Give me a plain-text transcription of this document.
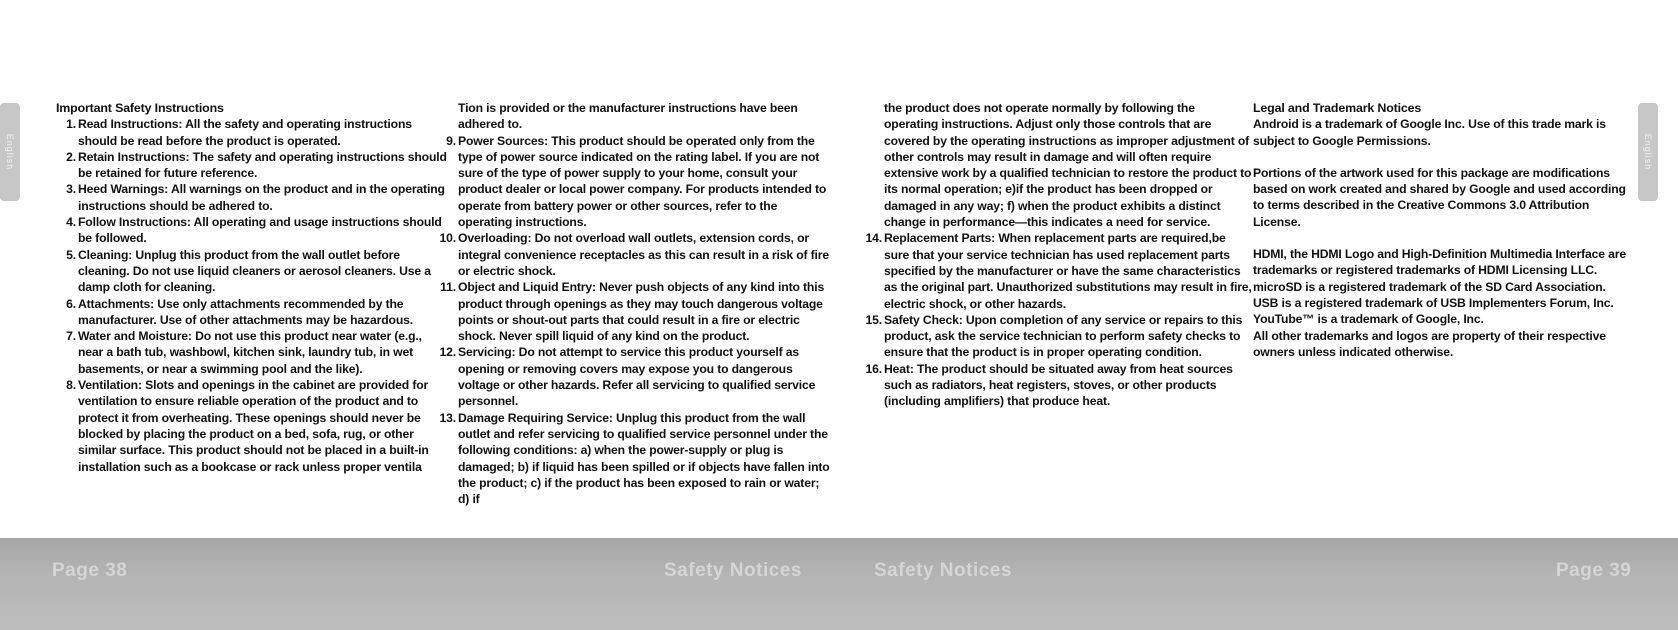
English	English
Important Safety Instructions
1. Read Instructions: All the safety and operating instructions should be read before the product is operated.
2. Retain Instructions: The safety and operating instructions should be retained for future reference.
3. Heed Warnings: All warnings on the product and in the operating instructions should be adhered to.
4. Follow Instructions: All operating and usage instructions should be followed.
5. Cleaning: Unplug this product from the wall outlet before cleaning. Do not use liquid cleaners or aerosol cleaners. Use a damp cloth for cleaning.
6. Attachments: Use only attachments recommended by the manufacturer. Use of other attachments may be hazardous.
7. Water and Moisture: Do not use this product near water (e.g., near a bath tub, washbowl, kitchen sink, laundry tub, in wet basements, or near a swimming pool and the like).
8. Ventilation: Slots and openings in the cabinet are provided for ventilation to ensure reliable operation of the product and to protect it from overheating. These openings should never be blocked by placing the product on a bed, sofa, rug, or other similar surface. This product should not be placed in a built-in installation such as a bookcase or rack unless proper ventila

Tion is provided or the manufacturer instructions have been adhered to.

9. Power Sources: This product should be operated only from the type of power source indicated on the rating label. If you are not sure of the type of power supply to your home, consult your product dealer or local power company. For products intended to operate from battery power or other sources, refer to the operating instructions.
10. Overloading: Do not overload wall outlets, extension cords, or integral convenience receptacles as this can result in a risk of fire or electric shock.
11. Object and Liquid Entry: Never push objects of any kind into this product through openings as they may touch dangerous voltage points or shout-out parts that could result in a fire or electric shock. Never spill liquid of any kind on the product.
12. Servicing: Do not attempt to service this product yourself as opening or removing covers may expose you to dangerous voltage or other hazards. Refer all servicing to qualified service personnel.
13. Damage Requiring Service: Unplug this product from the wall outlet and refer servicing to qualified service personnel under the following conditions: a) when the power-supply or plug is damaged; b) if liquid has been spilled or if objects have fallen into the product; c) if the product has been exposed to rain or water; d) if

the product does not operate normally by following the operating instructions. Adjust only those controls that are covered by the operating instructions as improper adjustment of other controls may result in damage and will often require extensive work by a qualified technician to restore the product to its normal operation; e)if the product has been dropped or damaged in any way; f) when the product exhibits a distinct change in performance—this indicates a need for service.

14. Replacement Parts: When replacement parts are required,be sure that your service technician has used replacement parts specified by the manufacturer or have the same characteristics as the original part. Unauthorized substitutions may result in fire, electric shock, or other hazards.
15. Safety Check: Upon completion of any service or repairs to this product, ask the service technician to perform safety checks to ensure that the product is in proper operating condition.
16. Heat: The product should be situated away from heat sources such as radiators, heat registers, stoves, or other products (including amplifiers) that produce heat.
Legal and Trademark Notices

Android is a trademark of Google Inc. Use of this trade mark is subject to Google Permissions.

Portions of the artwork used for this package are modifications based on work created and shared by Google and used according to terms described in the Creative Commons 3.0 Attribution License.

HDMI, the HDMI Logo and High-Definition Multimedia Interface are trademarks or registered trademarks of HDMI Licensing LLC.

microSD is a registered trademark of the SD Card Association.

USB is a registered trademark of USB Implementers Forum, Inc.

YouTube™ is a trademark of Google, Inc.

All other trademarks and logos are property of their respective owners unless indicated otherwise.

Page 38	Safety Notices	Safety Notices	Page 39
